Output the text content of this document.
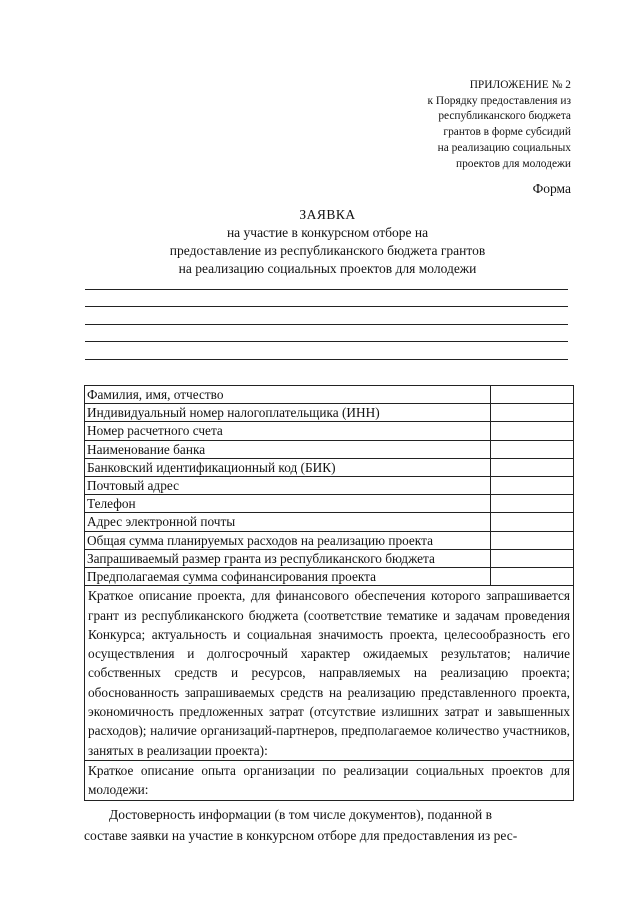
ПРИЛОЖЕНИЕ № 2
к Порядку предоставления из
республиканского бюджета
грантов в форме субсидий
на реализацию социальных
проектов для молодежи
Форма
ЗАЯВКА
на участие в конкурсном отборе на
предоставление из республиканского бюджета грантов
на реализацию социальных проектов для молодежи
Фамилия, имя, отчество	
Индивидуальный номер налогоплательщика (ИНН)	
Номер расчетного счета	
Наименование банка	
Банковский идентификационный код (БИК)	
Почтовый адрес	
Телефон	
Адрес электронной почты	
Общая сумма планируемых расходов на реализацию проекта	
Запрашиваемый размер гранта из республиканского бюджета	
Предполагаемая сумма софинансирования проекта	
Краткое описание проекта, для финансового обеспечения которого запрашивается грант из республиканского бюджета (соответствие тематике и задачам проведения Конкурса; актуальность и социальная значимость проекта, целесообразность его осуществления и долгосрочный характер ожидаемых результатов; наличие собственных средств и ресурсов, направляемых на реализацию проекта; обоснованность запрашиваемых средств на реализацию представленного проекта, экономичность предложенных затрат (отсутствие излишних затрат и завышенных расходов); наличие организаций-партнеров, предполагаемое количество участников, занятых в реализации проекта):	
Краткое описание опыта организации по реализации социальных проектов для молодежи:	
Достоверность информации (в том числе документов), поданной в
составе заявки на участие в конкурсном отборе для предоставления из рес-
